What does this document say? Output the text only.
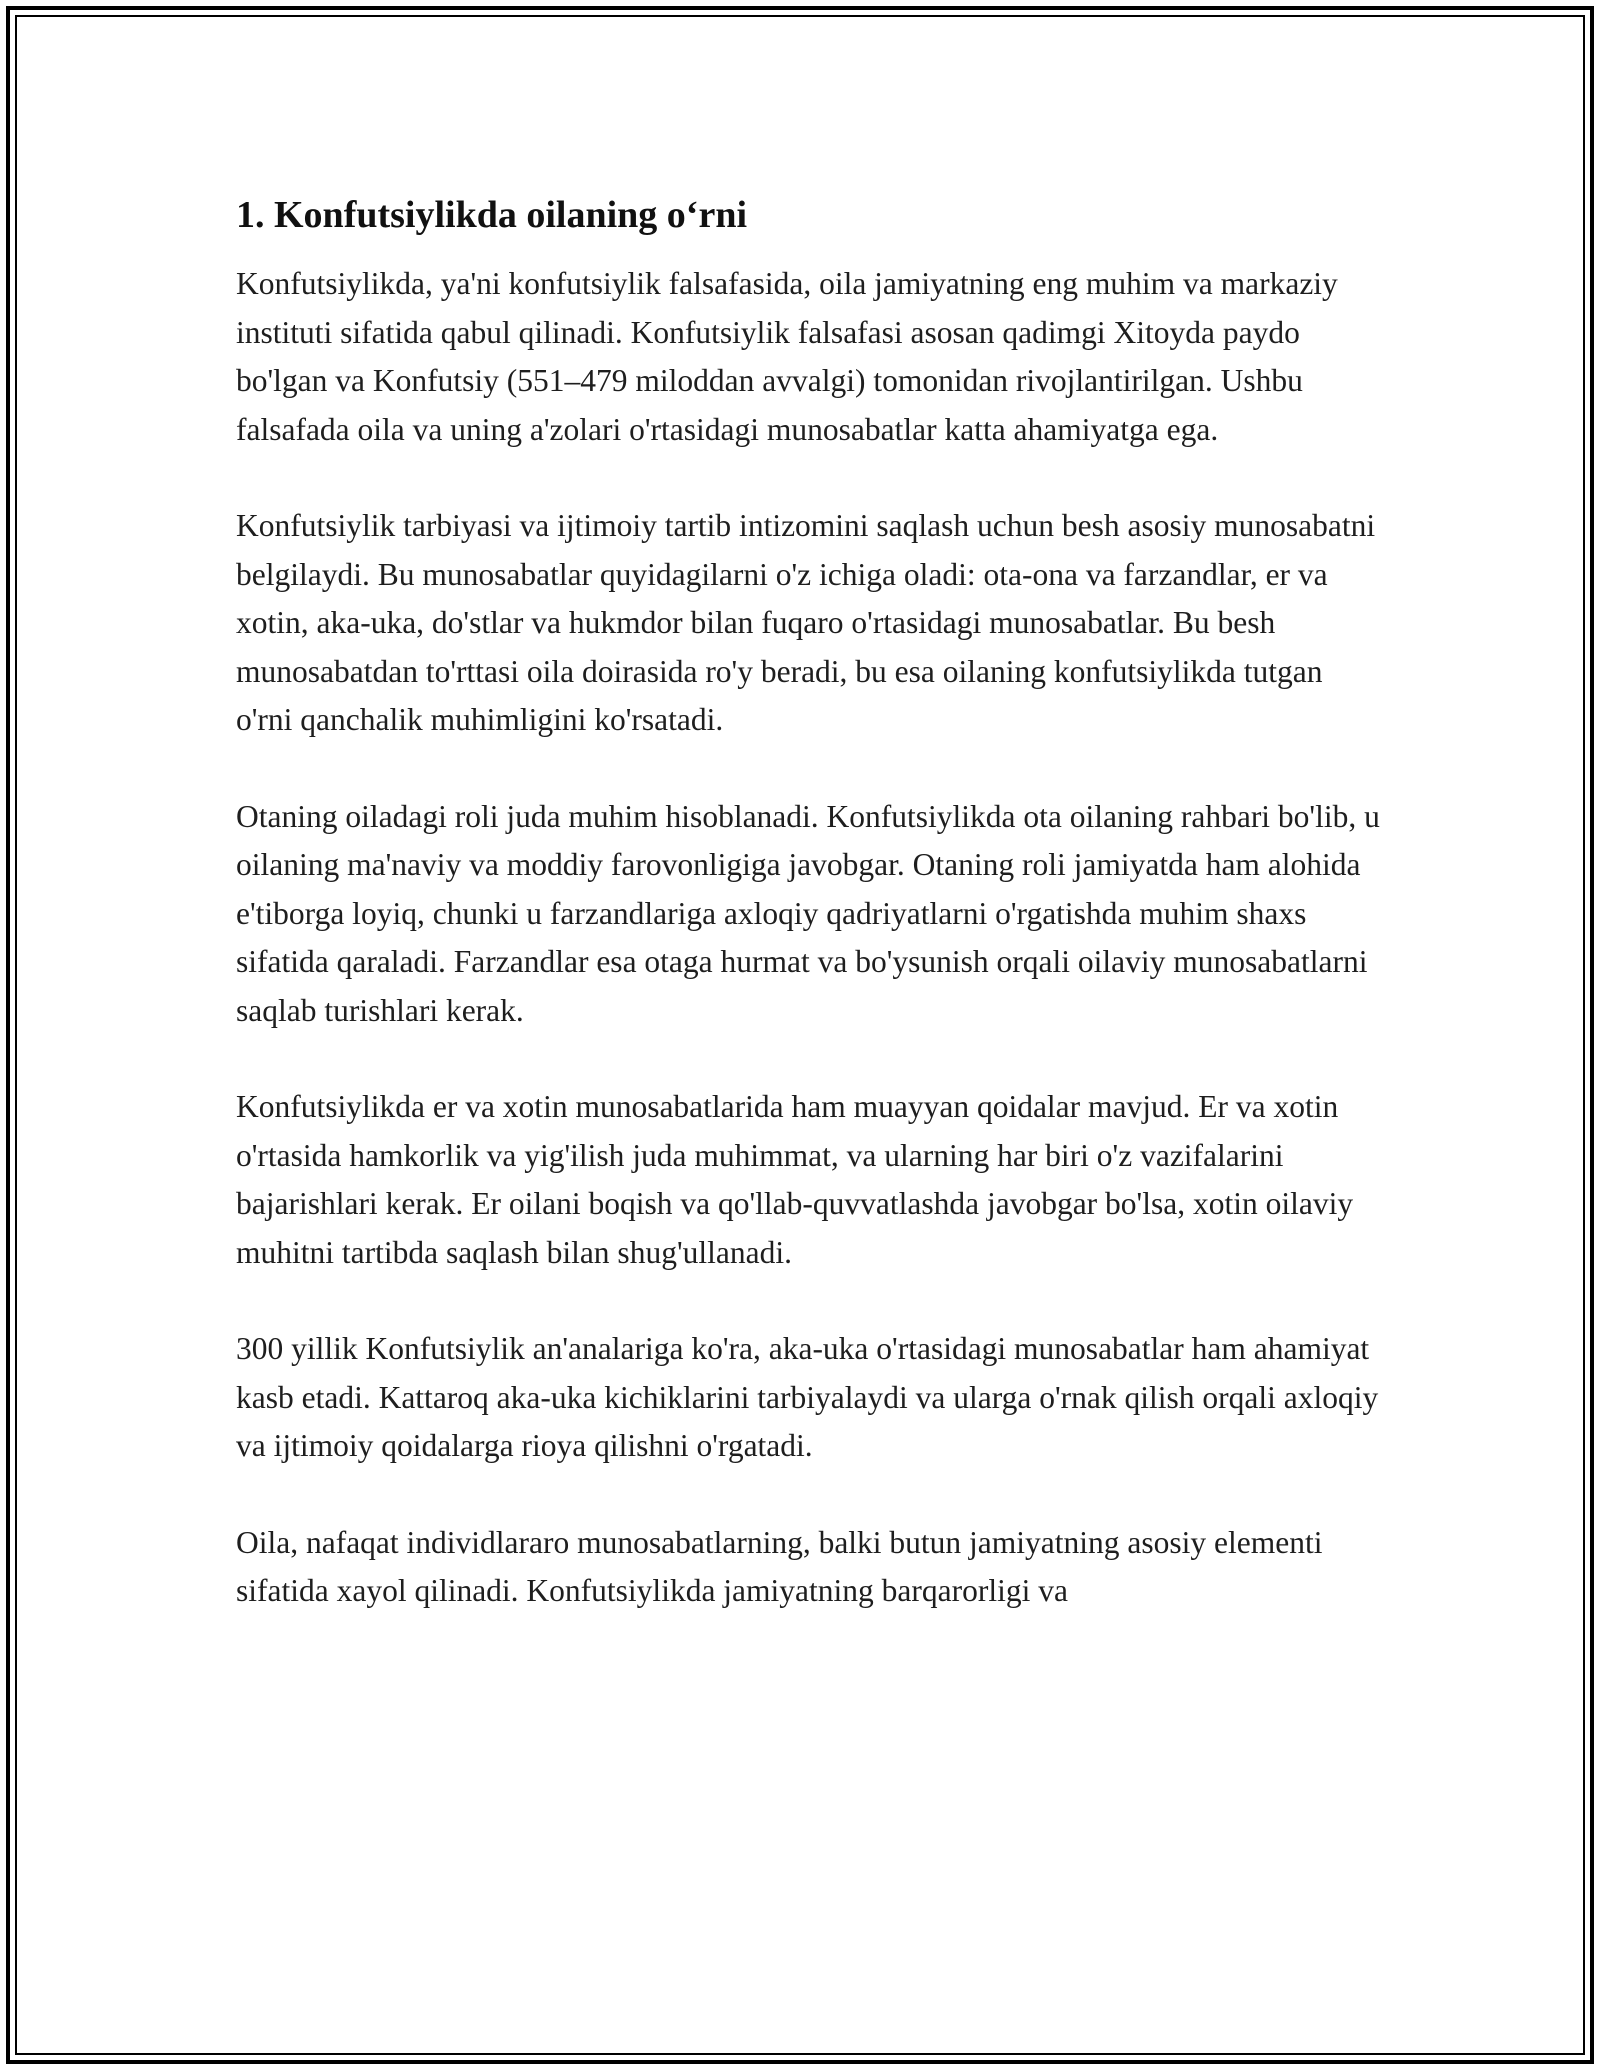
1. Konfutsiylikda oilaning o‘rni

Konfutsiylikda, ya'ni konfutsiylik falsafasida, oila jamiyatning eng muhim va markaziy instituti sifatida qabul qilinadi. Konfutsiylik falsafasi asosan qadimgi Xitoyda paydo bo'lgan va Konfutsiy (551–479 miloddan avvalgi) tomonidan rivojlantirilgan. Ushbu falsafada oila va uning a'zolari o'rtasidagi munosabatlar katta ahamiyatga ega.

Konfutsiylik tarbiyasi va ijtimoiy tartib intizomini saqlash uchun besh asosiy munosabatni belgilaydi. Bu munosabatlar quyidagilarni o'z ichiga oladi: ota-ona va farzandlar, er va xotin, aka-uka, do'stlar va hukmdor bilan fuqaro o'rtasidagi munosabatlar. Bu besh munosabatdan to'rttasi oila doirasida ro'y beradi, bu esa oilaning konfutsiylikda tutgan o'rni qanchalik muhimligini ko'rsatadi.

Otaning oiladagi roli juda muhim hisoblanadi. Konfutsiylikda ota oilaning rahbari bo'lib, u oilaning ma'naviy va moddiy farovonligiga javobgar. Otaning roli jamiyatda ham alohida e'tiborga loyiq, chunki u farzandlariga axloqiy qadriyatlarni o'rgatishda muhim shaxs sifatida qaraladi. Farzandlar esa otaga hurmat va bo'ysunish orqali oilaviy munosabatlarni saqlab turishlari kerak.

Konfutsiylikda er va xotin munosabatlarida ham muayyan qoidalar mavjud. Er va xotin o'rtasida hamkorlik va yig'ilish juda muhimmat, va ularning har biri o'z vazifalarini bajarishlari kerak. Er oilani boqish va qo'llab-quvvatlashda javobgar bo'lsa, xotin oilaviy muhitni tartibda saqlash bilan shug'ullanadi.

300 yillik Konfutsiylik an'analariga ko'ra, aka-uka o'rtasidagi munosabatlar ham ahamiyat kasb etadi. Kattaroq aka-uka kichiklarini tarbiyalaydi va ularga o'rnak qilish orqali axloqiy va ijtimoiy qoidalarga rioya qilishni o'rgatadi.

Oila, nafaqat individlararo munosabatlarning, balki butun jamiyatning asosiy elementi sifatida xayol qilinadi. Konfutsiylikda jamiyatning barqarorligi va
